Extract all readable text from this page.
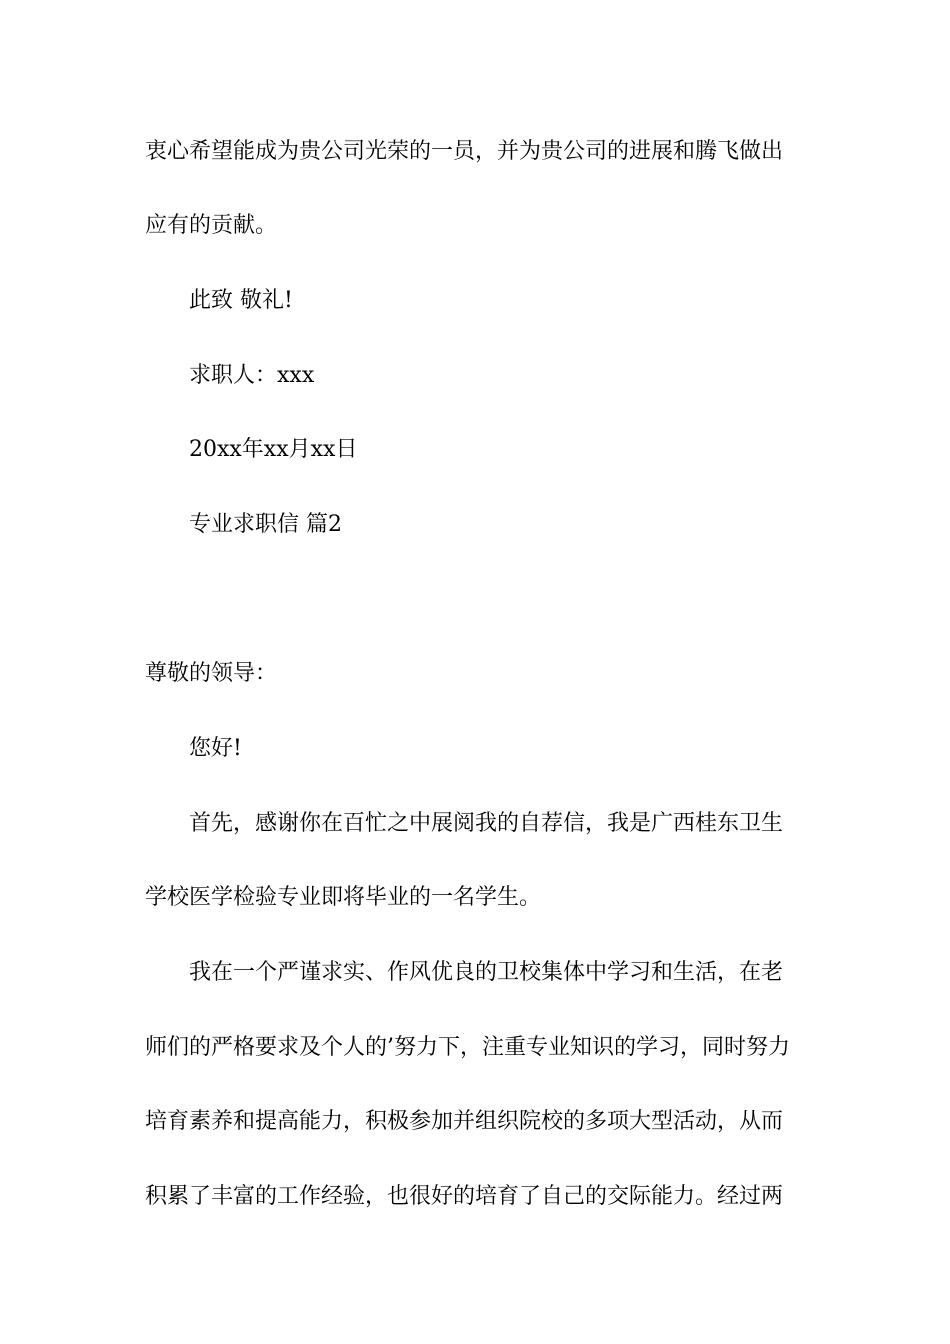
衷心希望能成为贵公司光荣的一员，并为贵公司的进展和腾飞做出
应有的贡献。
此致 敬礼!
求职人：xxx
20xx年xx月xx日
专业求职信 篇2
尊敬的领导：
您好!
首先，感谢你在百忙之中展阅我的自荐信，我是广西桂东卫生
学校医学检验专业即将毕业的一名学生。
我在一个严谨求实、作风优良的卫校集体中学习和生活，在老
师们的严格要求及个人的’努力下，注重专业知识的学习，同时努力
培育素养和提高能力，积极参加并组织院校的多项大型活动，从而
积累了丰富的工作经验，也很好的培育了自己的交际能力。经过两
